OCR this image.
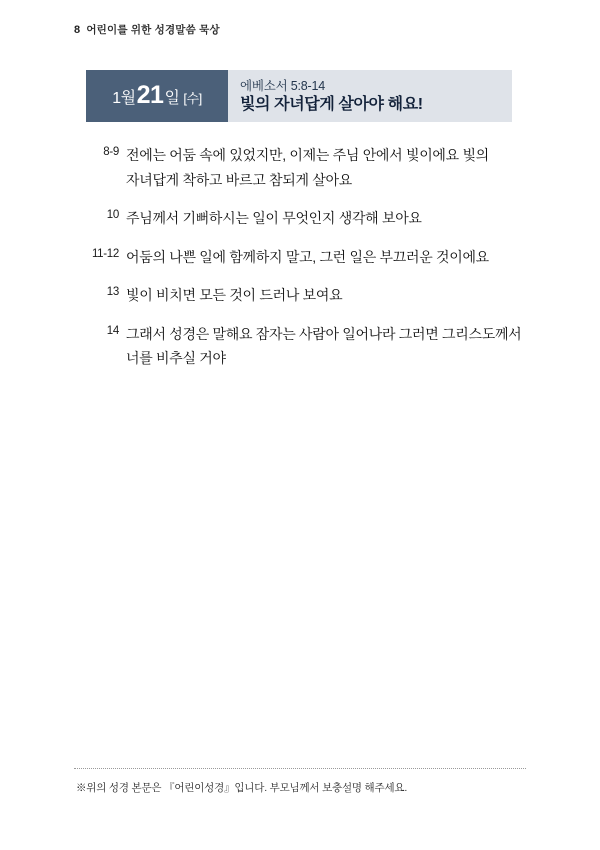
8 어린이를 위한 성경말씀 묵상
1월 21 일 [수]
에베소서 5:8-14
빛의 자녀답게 살아야 해요!
8-9 전에는 어둠 속에 있었지만, 이제는 주님 안에서 빛이에요 빛의 자녀답게 착하고 바르고 참되게 살아요
10 주님께서 기뻐하시는 일이 무엇인지 생각해 보아요
11-12 어둠의 나쁜 일에 함께하지 말고, 그런 일은 부끄러운 것이에요
13 빛이 비치면 모든 것이 드러나 보여요
14 그래서 성경은 말해요 잠자는 사람아 일어나라 그러면 그리스도께서 너를 비추실 거야
※위의 성경 본문은 『어린이성경』입니다. 부모님께서 보충설명 해주세요.
